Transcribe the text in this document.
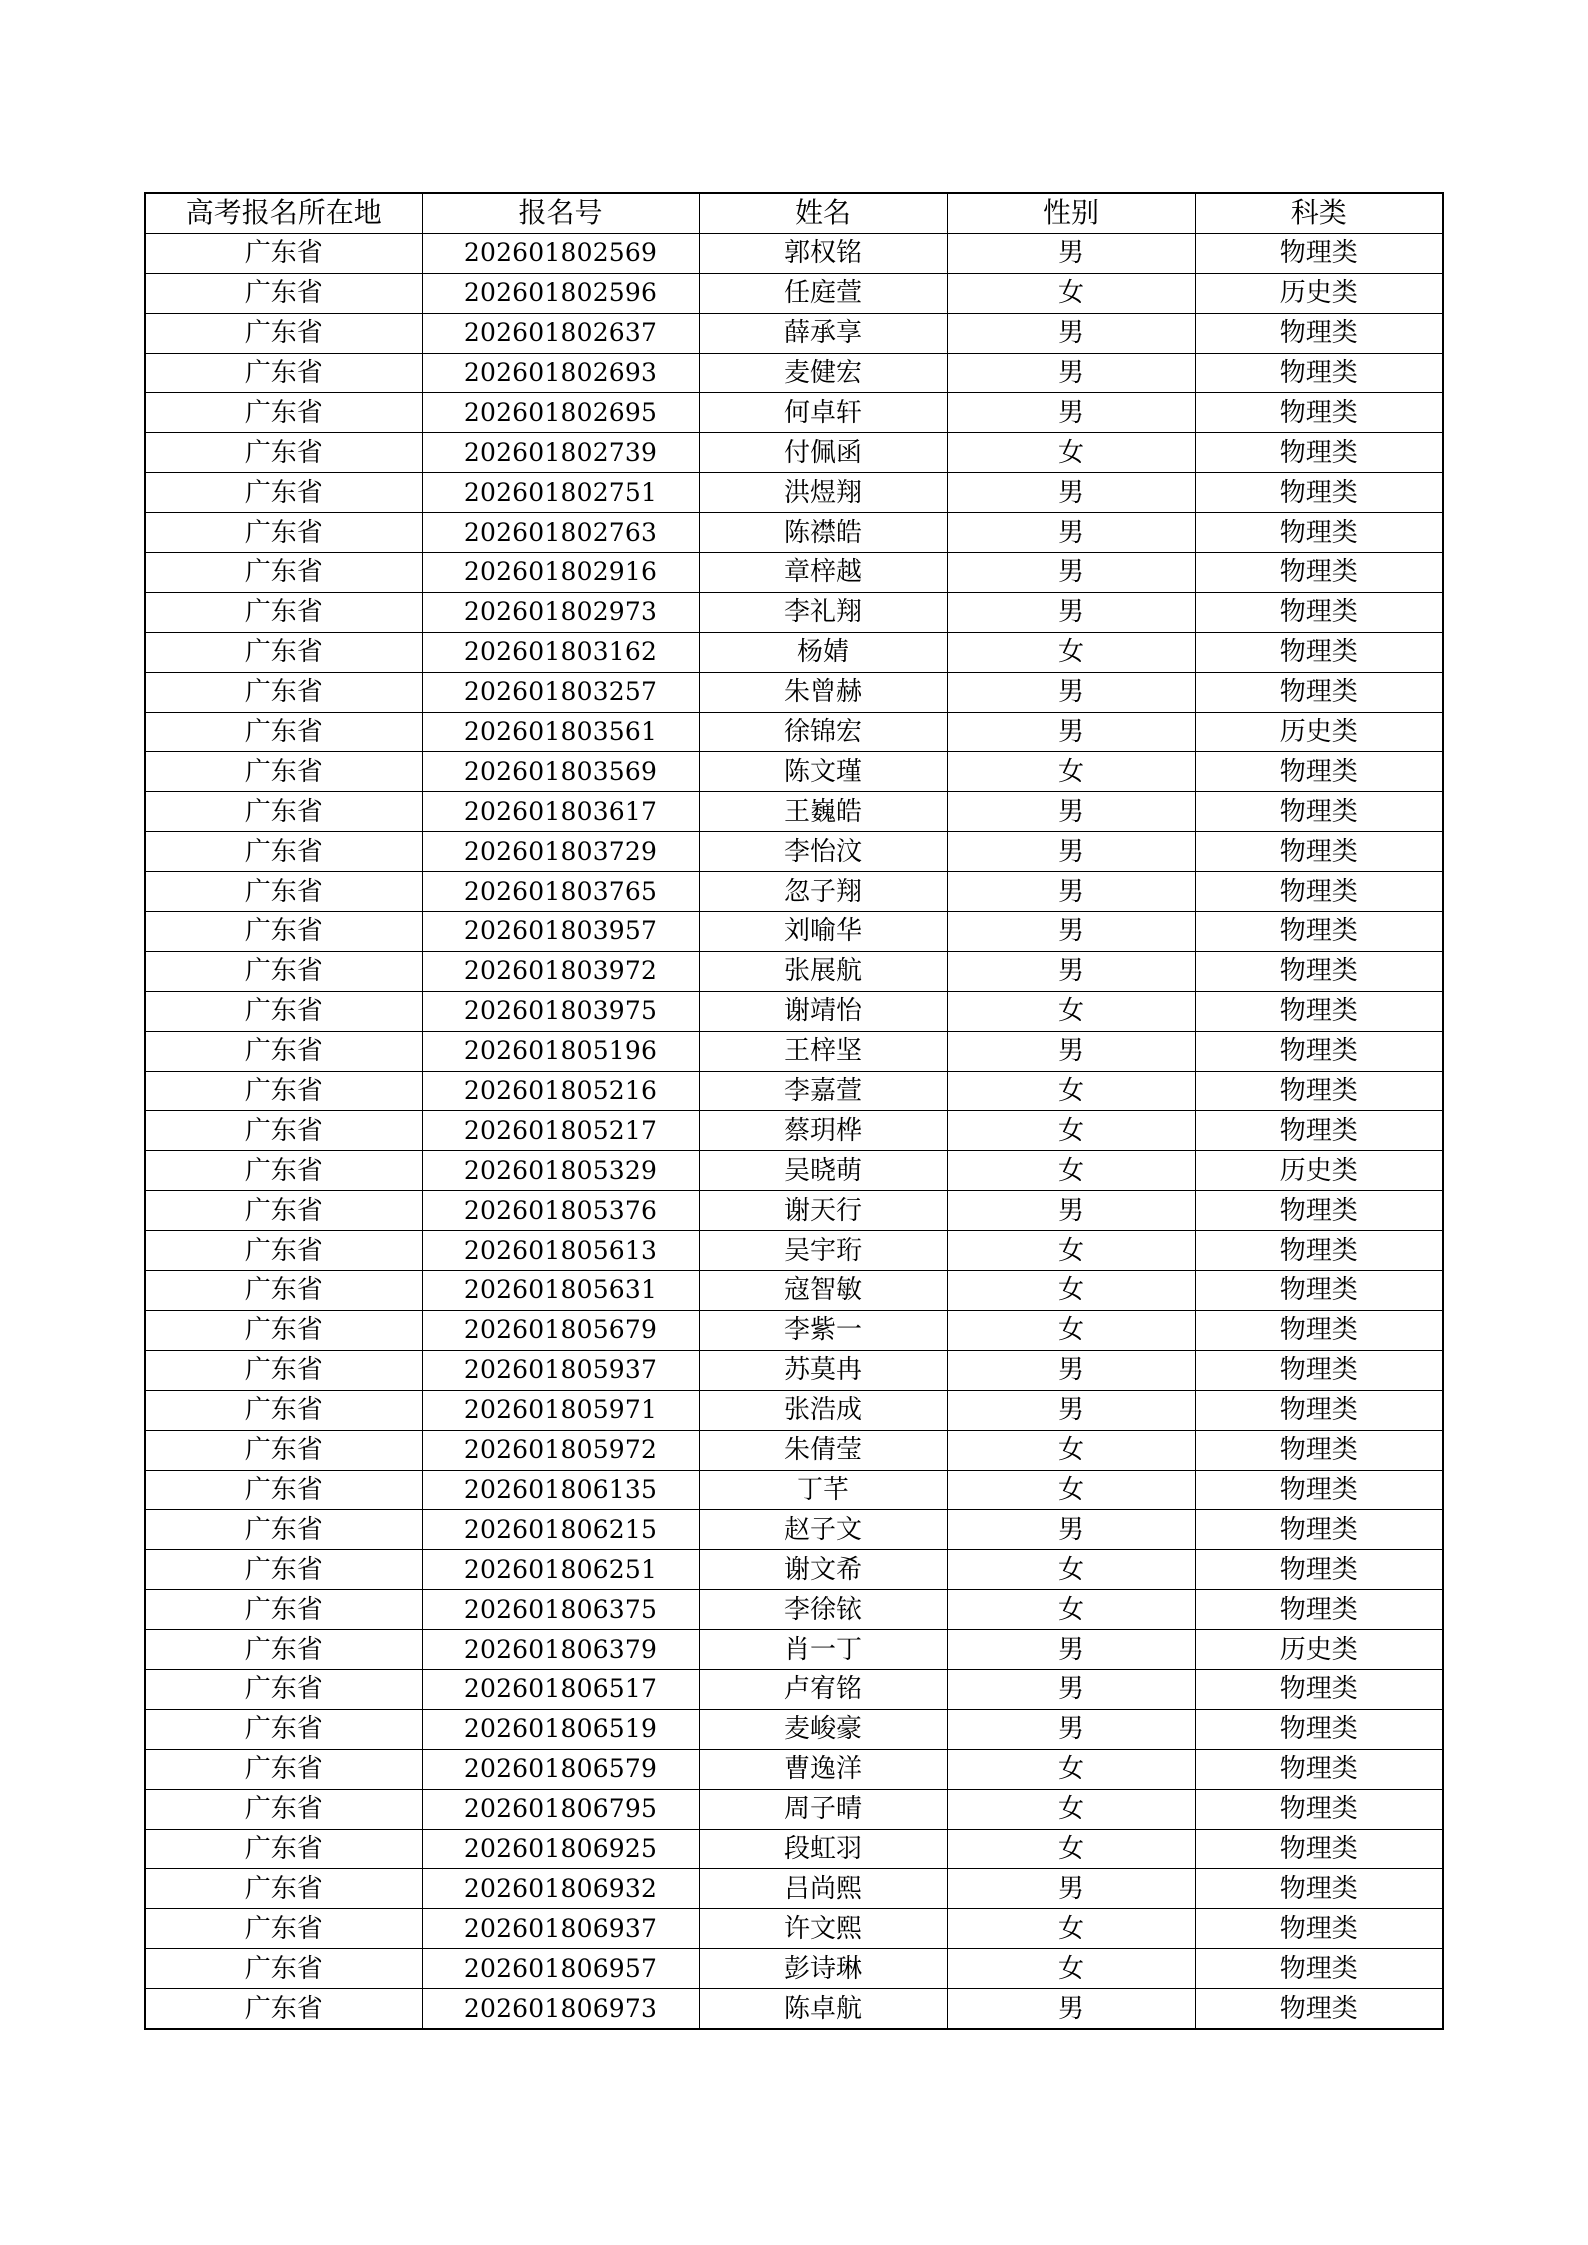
高考报名所在地	报名号	姓名	性别	科类
广东省	202601802569	郭权铭	男	物理类
广东省	202601802596	任庭萱	女	历史类
广东省	202601802637	薛承享	男	物理类
广东省	202601802693	麦健宏	男	物理类
广东省	202601802695	何卓轩	男	物理类
广东省	202601802739	付佩函	女	物理类
广东省	202601802751	洪煜翔	男	物理类
广东省	202601802763	陈襟皓	男	物理类
广东省	202601802916	章梓越	男	物理类
广东省	202601802973	李礼翔	男	物理类
广东省	202601803162	杨婧	女	物理类
广东省	202601803257	朱曾赫	男	物理类
广东省	202601803561	徐锦宏	男	历史类
广东省	202601803569	陈文瑾	女	物理类
广东省	202601803617	王巍皓	男	物理类
广东省	202601803729	李怡汶	男	物理类
广东省	202601803765	忽子翔	男	物理类
广东省	202601803957	刘喻华	男	物理类
广东省	202601803972	张展航	男	物理类
广东省	202601803975	谢靖怡	女	物理类
广东省	202601805196	王梓坚	男	物理类
广东省	202601805216	李嘉萱	女	物理类
广东省	202601805217	蔡玥桦	女	物理类
广东省	202601805329	吴晓萌	女	历史类
广东省	202601805376	谢天行	男	物理类
广东省	202601805613	吴宇珩	女	物理类
广东省	202601805631	寇智敏	女	物理类
广东省	202601805679	李紫一	女	物理类
广东省	202601805937	苏莫冉	男	物理类
广东省	202601805971	张浩成	男	物理类
广东省	202601805972	朱倩莹	女	物理类
广东省	202601806135	丁芊	女	物理类
广东省	202601806215	赵子文	男	物理类
广东省	202601806251	谢文希	女	物理类
广东省	202601806375	李徐铱	女	物理类
广东省	202601806379	肖一丁	男	历史类
广东省	202601806517	卢宥铭	男	物理类
广东省	202601806519	麦峻豪	男	物理类
广东省	202601806579	曹逸洋	女	物理类
广东省	202601806795	周子晴	女	物理类
广东省	202601806925	段虹羽	女	物理类
广东省	202601806932	吕尚熙	男	物理类
广东省	202601806937	许文熙	女	物理类
广东省	202601806957	彭诗琳	女	物理类
广东省	202601806973	陈卓航	男	物理类
